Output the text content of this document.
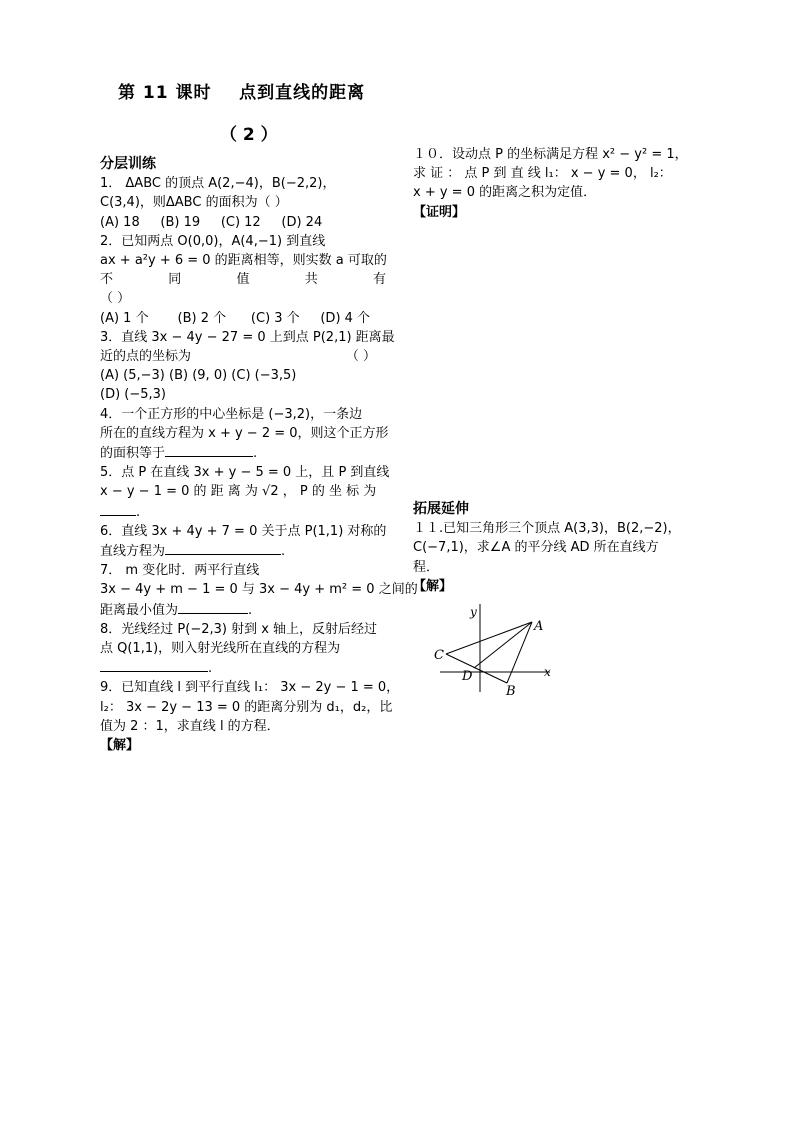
第 11 课时    点到直线的距离
（ 2 ）
分层训练
1． ΔABC 的顶点 A(2,−4)，B(−2,2)，
C(3,4)，则ΔABC 的面积为（ ）
(A) 18 (B) 19 (C) 12 (D) 24
2．已知两点 O(0,0)，A(4,−1) 到直线
ax + a²y + 6 = 0 的距离相等，则实数 a 可取的
不	同	值	共	有
（ ）
(A) 1 个 (B) 2 个 (C) 3 个 (D) 4 个
3．直线 3x − 4y − 27 = 0 上到点 P(2,1) 距离最
近的点的坐标为	（ ）
(A) (5,−3) (B) (9, 0) (C) (−3,5)
(D) (−5,3)
4．一个正方形的中心坐标是 (−3,2)，一条边
所在的直线方程为 x + y − 2 = 0，则这个正方形
的面积等于	.
5．点 P 在直线 3x + y − 5 = 0 上，且 P 到直线
x − y − 1 = 0 的 距 离 为 √2 ， P 的 坐 标 为
.
6．直线 3x + 4y + 7 = 0 关于点 P(1,1) 对称的
直线方程为	.
7． m 变化时．两平行直线
3x − 4y + m − 1 = 0 与 3x − 4y + m² = 0 之间的
距离最小值为	.
8．光线经过 P(−2,3) 射到 x 轴上，反射后经过
点 Q(1,1)，则入射光线所在直线的方程为
.
9．已知直线 l 到平行直线 l₁： 3x − 2y − 1 = 0，
l₂： 3x − 2y − 13 = 0 的距离分别为 d₁，d₂，比
值为 2 ：1，求直线 l 的方程．
【解】
１０．设动点 P 的坐标满足方程 x² − y² = 1，
求 证 ： 点 P 到 直 线 l₁： x − y = 0， l₂：
x + y = 0 的距离之积为定值．
【证明】
拓展延伸
１１.已知三角形三个顶点 A(3,3)，B(2,−2)，
C(−7,1)，求∠A 的平分线 AD 所在直线方
程．
【解】
y
x
A
B
C
D
